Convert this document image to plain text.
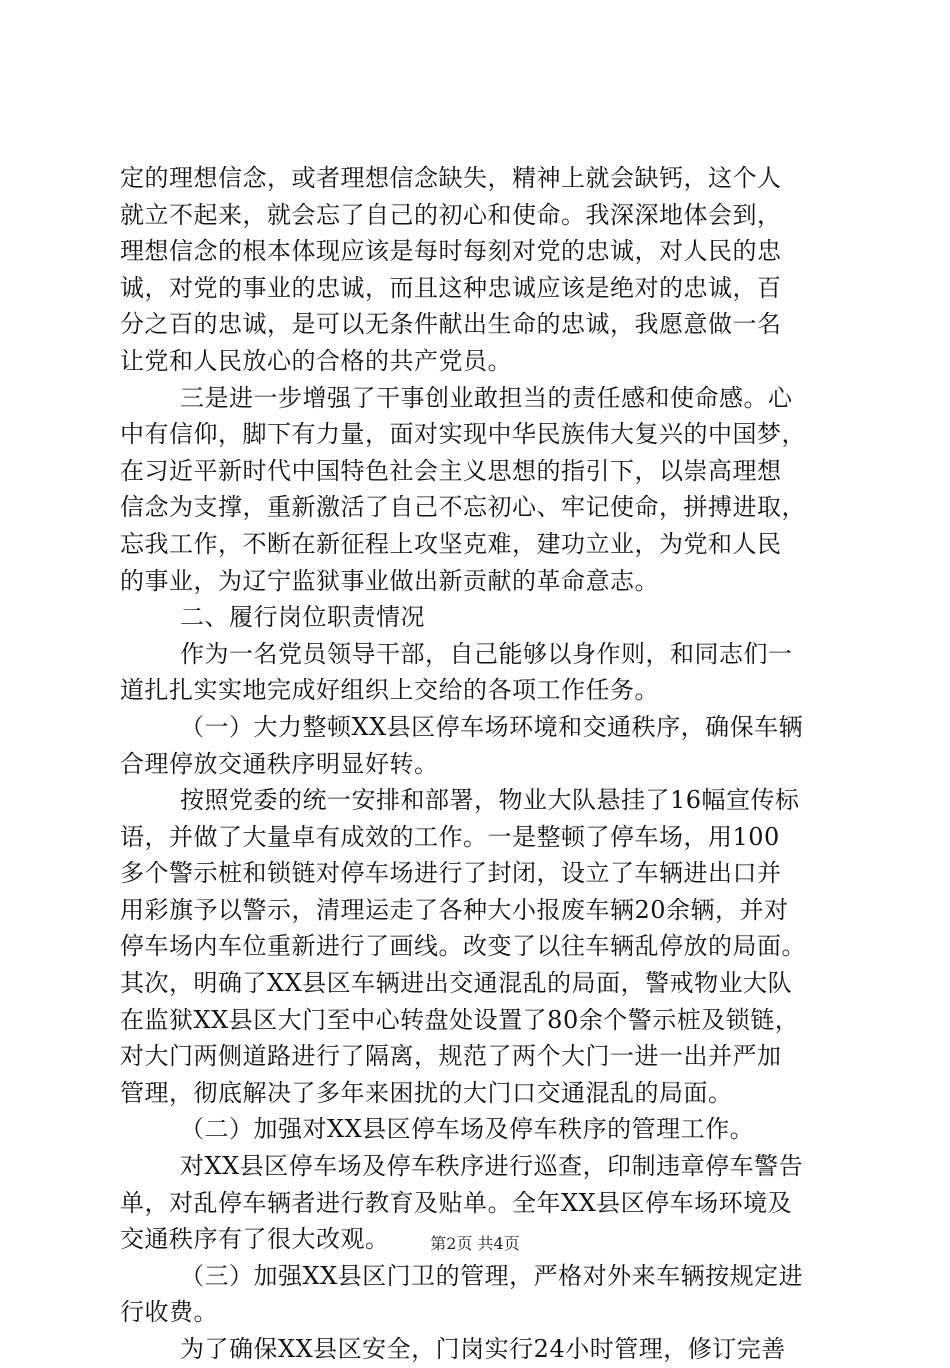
定的理想信念，或者理想信念缺失，精神上就会缺钙，这个人
就立不起来，就会忘了自己的初心和使命。我深深地体会到，
理想信念的根本体现应该是每时每刻对党的忠诚，对人民的忠
诚，对党的事业的忠诚，而且这种忠诚应该是绝对的忠诚，百
分之百的忠诚，是可以无条件献出生命的忠诚，我愿意做一名
让党和人民放心的合格的共产党员。
三是进一步增强了干事创业敢担当的责任感和使命感。心
中有信仰，脚下有力量，面对实现中华民族伟大复兴的中国梦，
在习近平新时代中国特色社会主义思想的指引下，以崇高理想
信念为支撑，重新激活了自己不忘初心、牢记使命，拼搏进取，
忘我工作，不断在新征程上攻坚克难，建功立业，为党和人民
的事业，为辽宁监狱事业做出新贡献的革命意志。
二、履行岗位职责情况
作为一名党员领导干部，自己能够以身作则，和同志们一
道扎扎实实地完成好组织上交给的各项工作任务。
（一）大力整顿XX县区停车场环境和交通秩序，确保车辆
合理停放交通秩序明显好转。
按照党委的统一安排和部署，物业大队悬挂了16幅宣传标
语，并做了大量卓有成效的工作。一是整顿了停车场，用100
多个警示桩和锁链对停车场进行了封闭，设立了车辆进出口并
用彩旗予以警示，清理运走了各种大小报废车辆20余辆，并对
停车场内车位重新进行了画线。改变了以往车辆乱停放的局面。
其次，明确了XX县区车辆进出交通混乱的局面，警戒物业大队
在监狱XX县区大门至中心转盘处设置了80余个警示桩及锁链，
对大门两侧道路进行了隔离，规范了两个大门一进一出并严加
管理，彻底解决了多年来困扰的大门口交通混乱的局面。
（二）加强对XX县区停车场及停车秩序的管理工作。
对XX县区停车场及停车秩序进行巡查，印制违章停车警告
单，对乱停车辆者进行教育及贴单。全年XX县区停车场环境及
交通秩序有了很大改观。
（三）加强XX县区门卫的管理，严格对外来车辆按规定进
行收费。
为了确保XX县区安全，门岗实行24小时管理，修订完善
第2页 共4页
